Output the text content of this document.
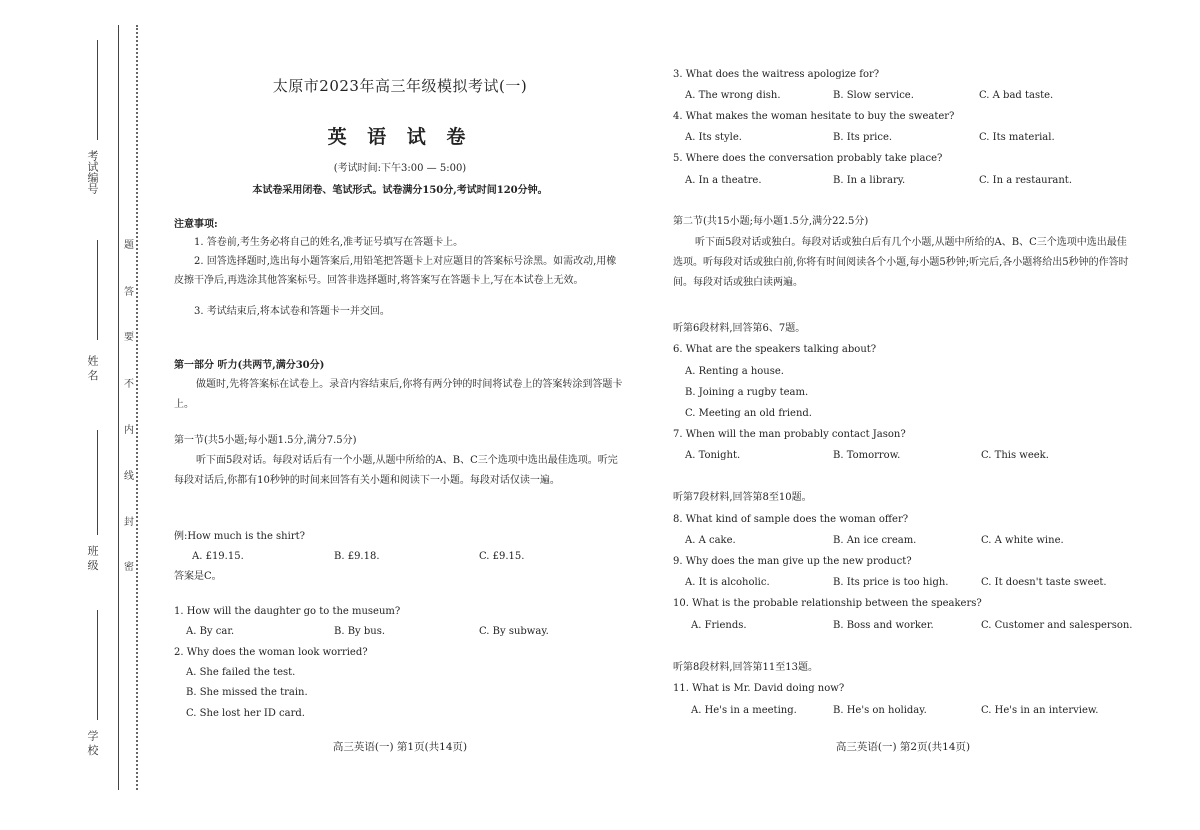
考试编号
姓 名
班 级
学 校
题
答
要
不
内
线
封
密
太原市2023年高三年级模拟考试(一)
英 语 试 卷
(考试时间:下午3:00 — 5:00)
本试卷采用闭卷、笔试形式。试卷满分150分,考试时间120分钟。
注意事项:
1. 答卷前,考生务必将自己的姓名,准考证号填写在答题卡上。
2. 回答选择题时,选出每小题答案后,用铅笔把答题卡上对应题目的答案标号涂黑。如需改动,用橡皮擦干净后,再选涂其他答案标号。回答非选择题时,将答案写在答题卡上,写在本试卷上无效。
3. 考试结束后,将本试卷和答题卡一并交回。
第一部分 听力(共两节,满分30分)
做题时,先将答案标在试卷上。录音内容结束后,你将有两分钟的时间将试卷上的答案转涂到答题卡上。
第一节(共5小题;每小题1.5分,满分7.5分)
听下面5段对话。每段对话后有一个小题,从题中所给的A、B、C三个选项中选出最佳选项。听完每段对话后,你都有10秒钟的时间来回答有关小题和阅读下一小题。每段对话仅读一遍。
例:How much is the shirt?
A. £19.15.	B. £9.18.	C. £9.15.
答案是C。
1. How will the daughter go to the museum?
A. By car.	B. By bus.	C. By subway.
2. Why does the woman look worried?
A. She failed the test.
B. She missed the train.
C. She lost her ID card.
高三英语(一) 第1页(共14页)
3. What does the waitress apologize for?
A. The wrong dish.	B. Slow service.	C. A bad taste.
4. What makes the woman hesitate to buy the sweater?
A. Its style.	B. Its price.	C. Its material.
5. Where does the conversation probably take place?
A. In a theatre.	B. In a library.	C. In a restaurant.
第二节(共15小题;每小题1.5分,满分22.5分)
听下面5段对话或独白。每段对话或独白后有几个小题,从题中所给的A、B、C三个选项中选出最佳选项。听每段对话或独白前,你将有时间阅读各个小题,每小题5秒钟;听完后,各小题将给出5秒钟的作答时间。每段对话或独白读两遍。
听第6段材料,回答第6、7题。
6. What are the speakers talking about?
A. Renting a house.
B. Joining a rugby team.
C. Meeting an old friend.
7. When will the man probably contact Jason?
A. Tonight.	B. Tomorrow.	C. This week.
听第7段材料,回答第8至10题。
8. What kind of sample does the woman offer?
A. A cake.	B. An ice cream.	C. A white wine.
9. Why does the man give up the new product?
A. It is alcoholic.	B. Its price is too high.	C. It doesn't taste sweet.
10. What is the probable relationship between the speakers?
A. Friends.	B. Boss and worker.	C. Customer and salesperson.
听第8段材料,回答第11至13题。
11. What is Mr. David doing now?
A. He's in a meeting.	B. He's on holiday.	C. He's in an interview.
高三英语(一) 第2页(共14页)
